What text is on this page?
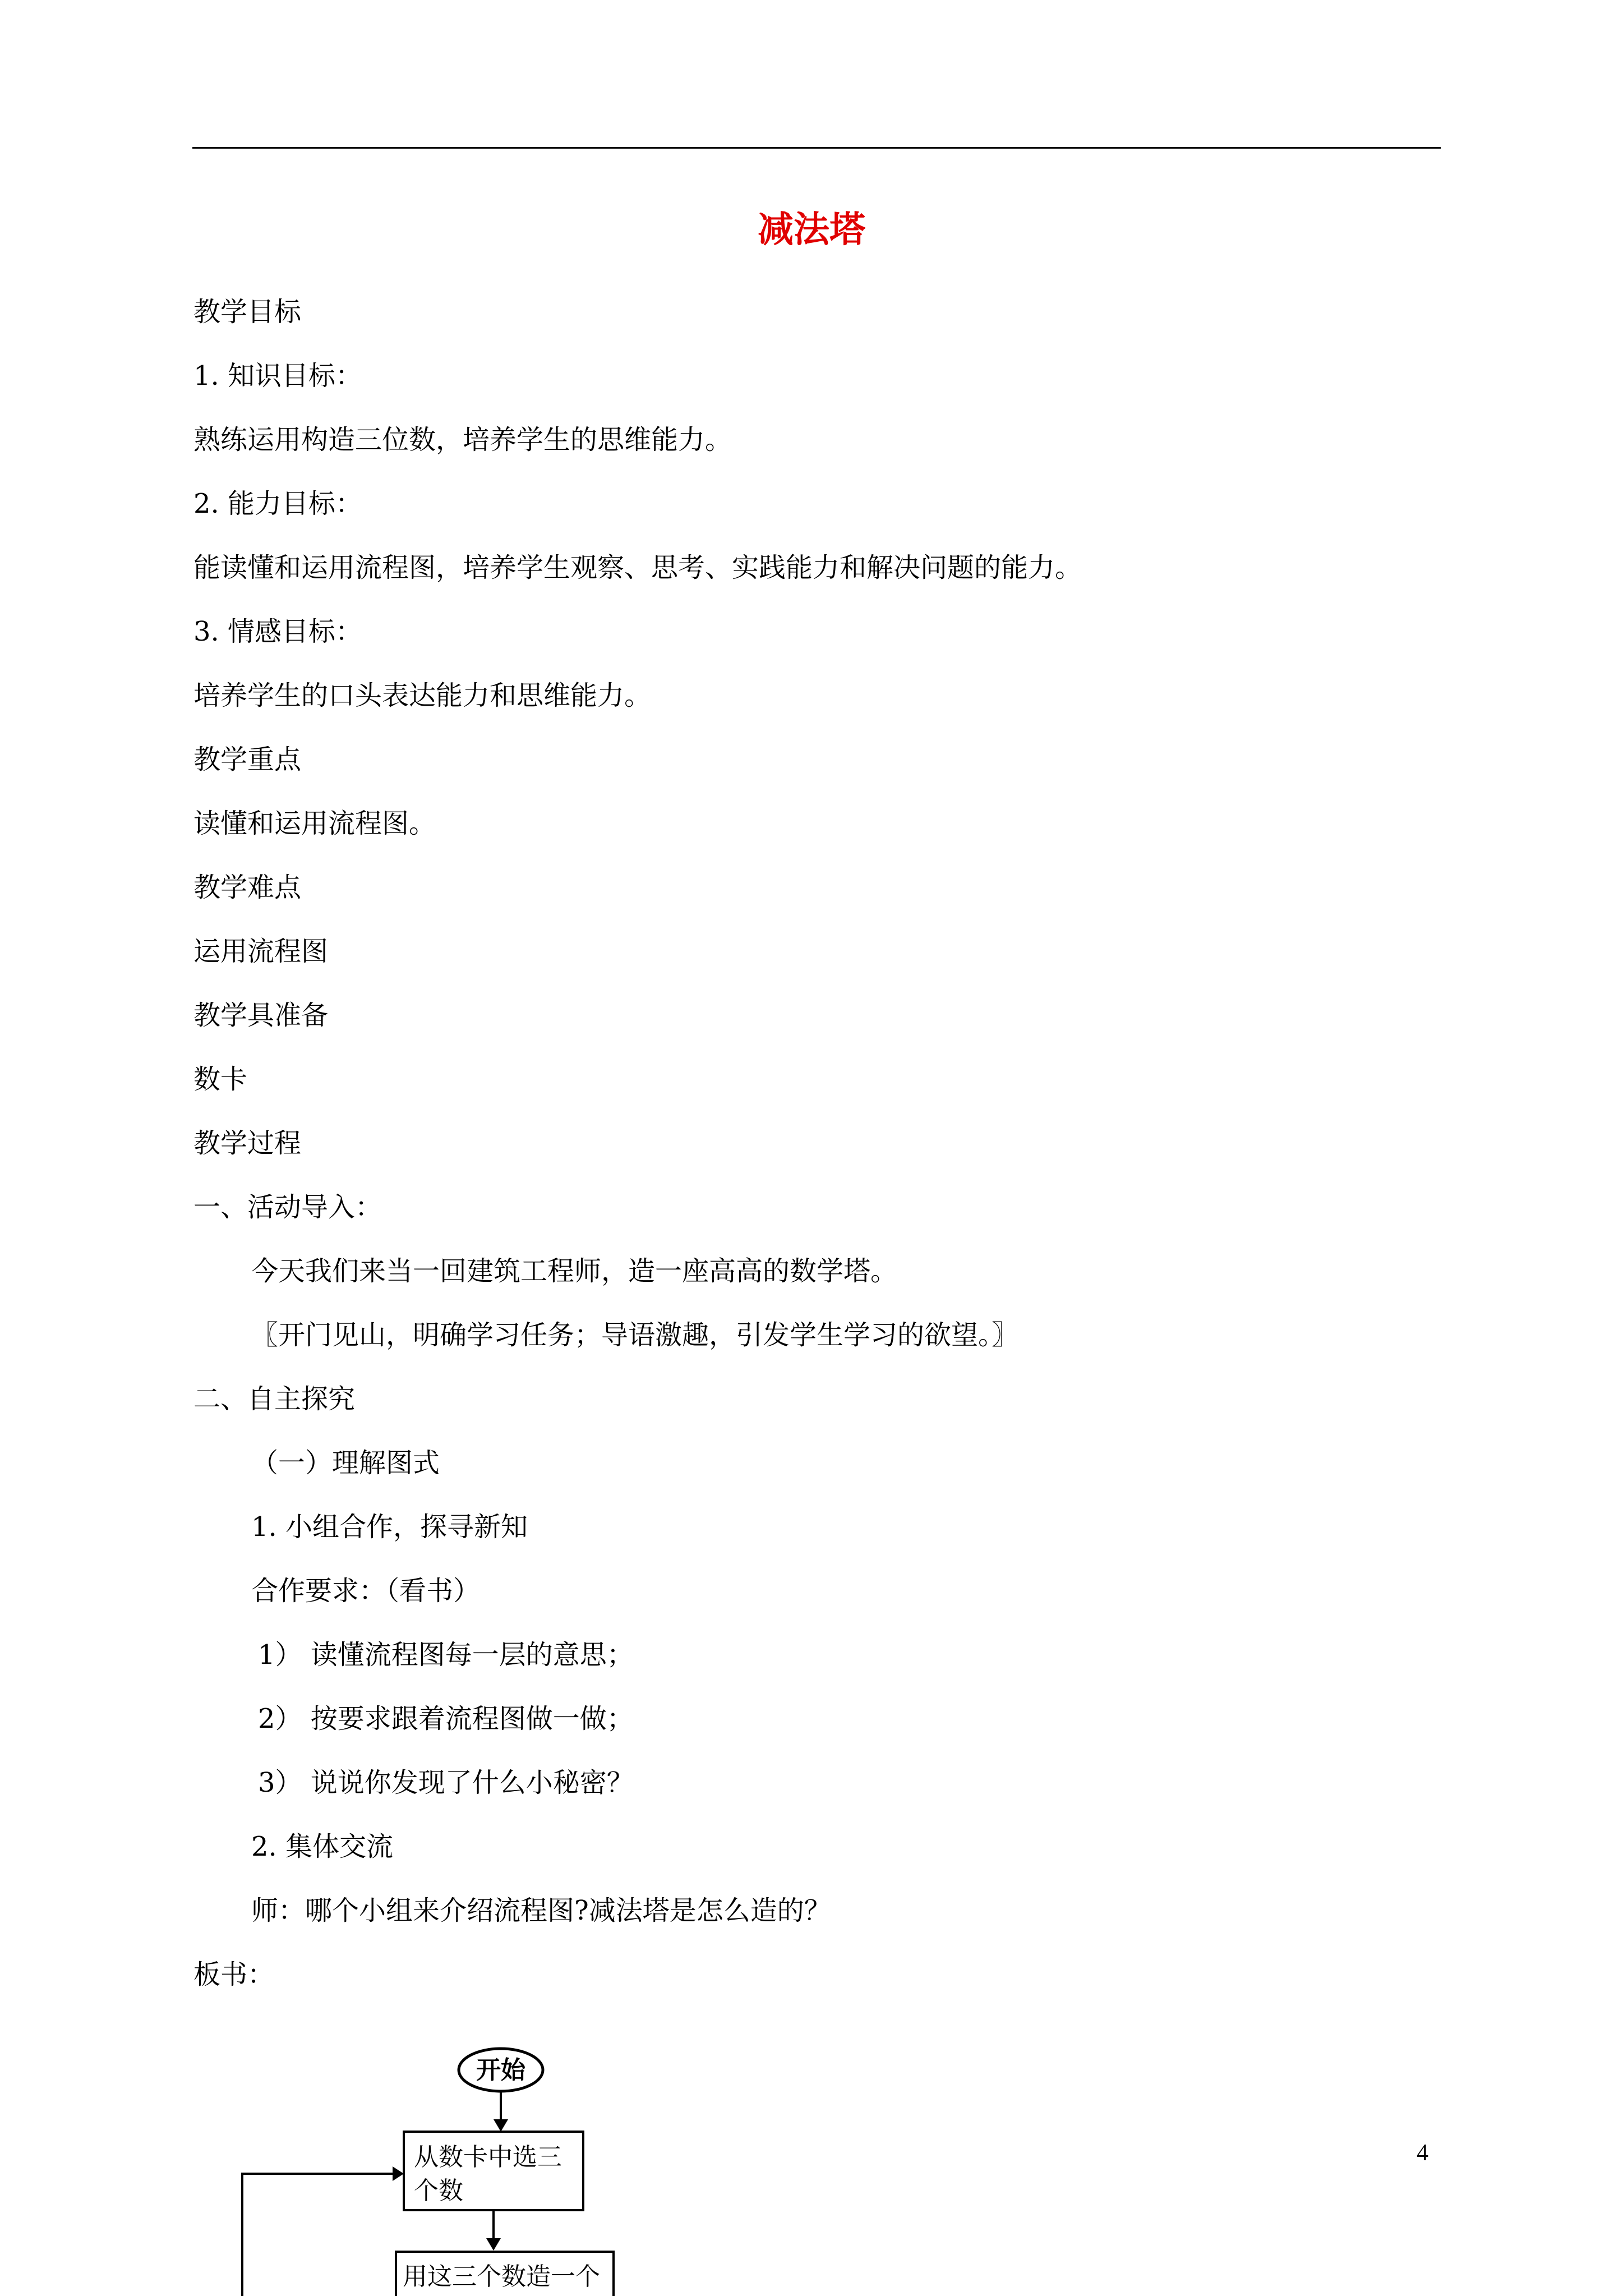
减法塔
教学目标
1. 知识目标：
熟练运用构造三位数，培养学生的思维能力。
2. 能力目标：
能读懂和运用流程图，培养学生观察、思考、实践能力和解决问题的能力。
3. 情感目标：
培养学生的口头表达能力和思维能力。
教学重点
读懂和运用流程图。
教学难点
运用流程图
教学具准备
数卡
教学过程
一、活动导入：
今天我们来当一回建筑工程师，造一座高高的数学塔。
〖开门见山，明确学习任务；导语激趣，引发学生学习的欲望。〗
二、自主探究
（一）理解图式
1. 小组合作，探寻新知
合作要求：（看书）
1） 读懂流程图每一层的意思；
2） 按要求跟着流程图做一做；
3） 说说你发现了什么小秘密？
2. 集体交流
师：哪个小组来介绍流程图?减法塔是怎么造的？
板书：
开始
从数卡中选三
个数
用这三个数造一个
4
